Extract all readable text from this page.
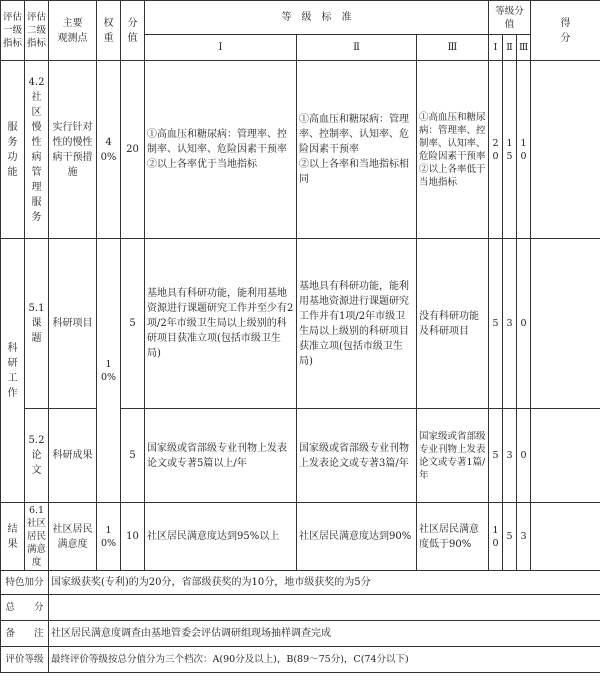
评估
一级
指标	评估
二级
指标	主要
观测点	权
重	分
值	等　级　标　准			等级分值			得
分

					Ⅰ	Ⅱ	Ⅲ	Ⅰ	Ⅱ	Ⅲ	

服
务
功
能	4.2
社区慢性病管理服务	实行针对性的慢性病干预措施	40%	20	①高血压和糖尿病：管理率、控制率、认知率、危险因素干预率
②以上各率优于当地指标	①高血压和糖尿病：管理率、控制率、认知率、危险因素干预率
②以上各率和当地指标相同	①高血压和糖尿病：管理率、控制率、认知率、危险因素干预率
②以上各率低于当地指标	20	15	10	

科
研
工
作	5.1
课题	科研项目	10%	5	基地具有科研功能，能利用基地资源进行课题研究工作并至少有2项/2年市级卫生局以上级别的科研项目获准立项(包括市级卫生局)	基地具有科研功能，能利用基地资源进行课题研究工作并有1项/2年市级卫生局以上级别的科研项目获准立项(包括市级卫生局)	没有科研功能及科研项目	5	3	0	
	5.2
论文	科研成果		5	国家级或省部级专业刊物上发表论文或专著5篇以上/年	国家级或省部级专业刊物上发表论文或专著3篇/年	国家级或省部级专业刊物上发表论文或专著1篇/年	5	3	0	

结
果	6.1
社区居民满意度	社区居民满意度	10%	10	社区居民满意度达到95%以上	社区居民满意度达到90%	社区居民满意度低于90%	10	5	3	
特色加分		国家级获奖(专利)的为20分，省部级获奖的为10分，地市级获奖的为5分									
总　　分											
备　　注		社区居民满意度调查由基地管委会评估调研组现场抽样调查完成									
评价等级		最终评价等级按总分值分为三个档次：A(90分及以上)，B(89～75分)，C(74分以下)									
